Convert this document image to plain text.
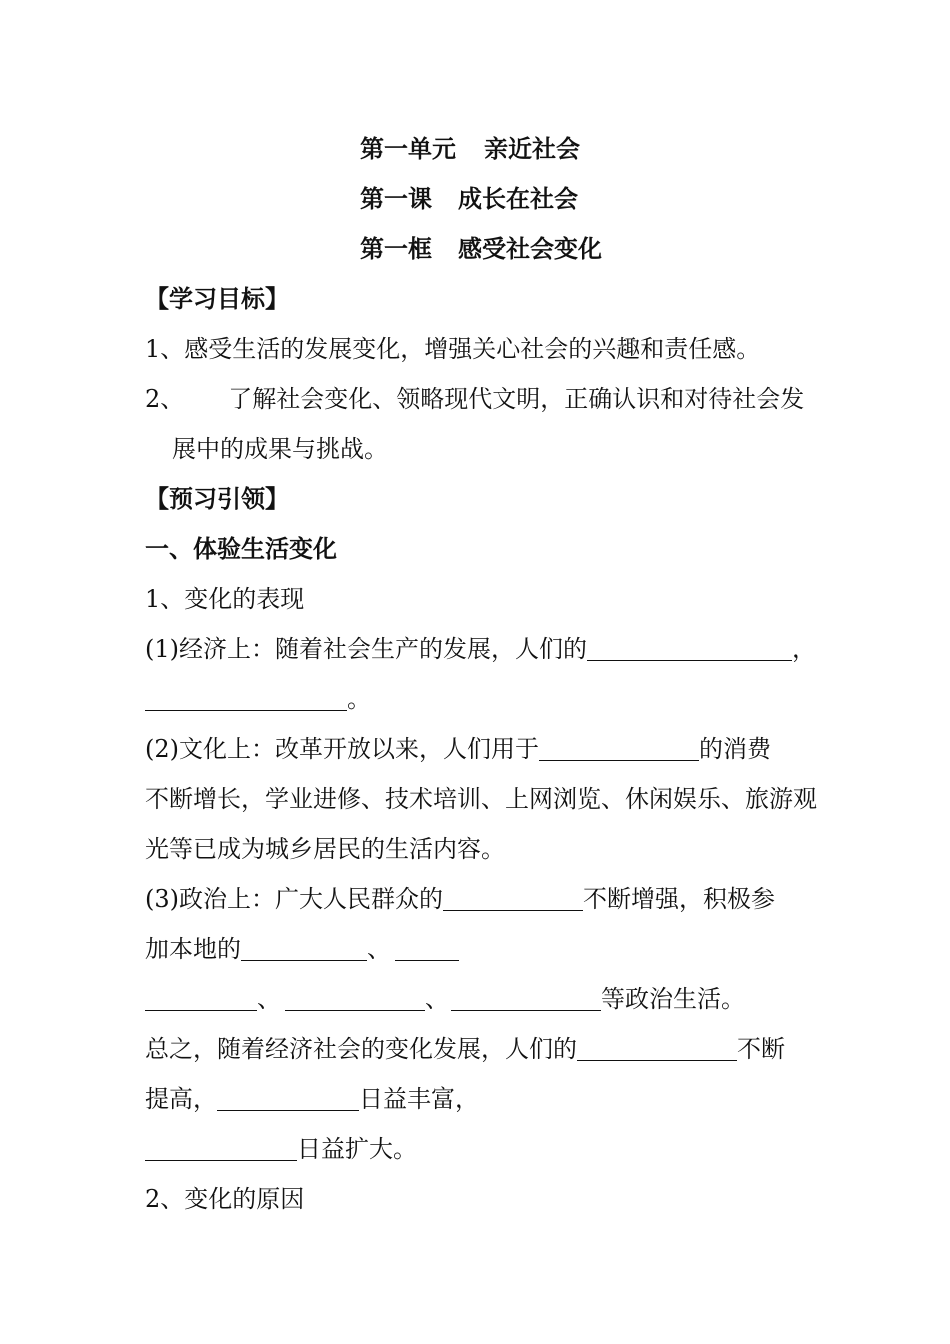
第一单元 亲近社会
第一课 成长在社会
第一框 感受社会变化
【学习目标】
1、感受生活的发展变化，增强关心社会的兴趣和责任感。
2、 了解社会变化、领略现代文明，正确认识和对待社会发
展中的成果与挑战。
【预习引领】
一、体验生活变化
1、变化的表现
(1)经济上：随着社会生产的发展，人们的	，
。
(2)文化上：改革开放以来，人们用于	的消费
不断增长，学业进修、技术培训、上网浏览、休闲娱乐、旅游观
光等已成为城乡居民的生活内容。
(3)政治上：广大人民群众的	不断增强，积极参
加本地的	、
、	、	等政治生活。
总之，随着经济社会的变化发展，人们的	不断
提高，	日益丰富，
日益扩大。
2、变化的原因
